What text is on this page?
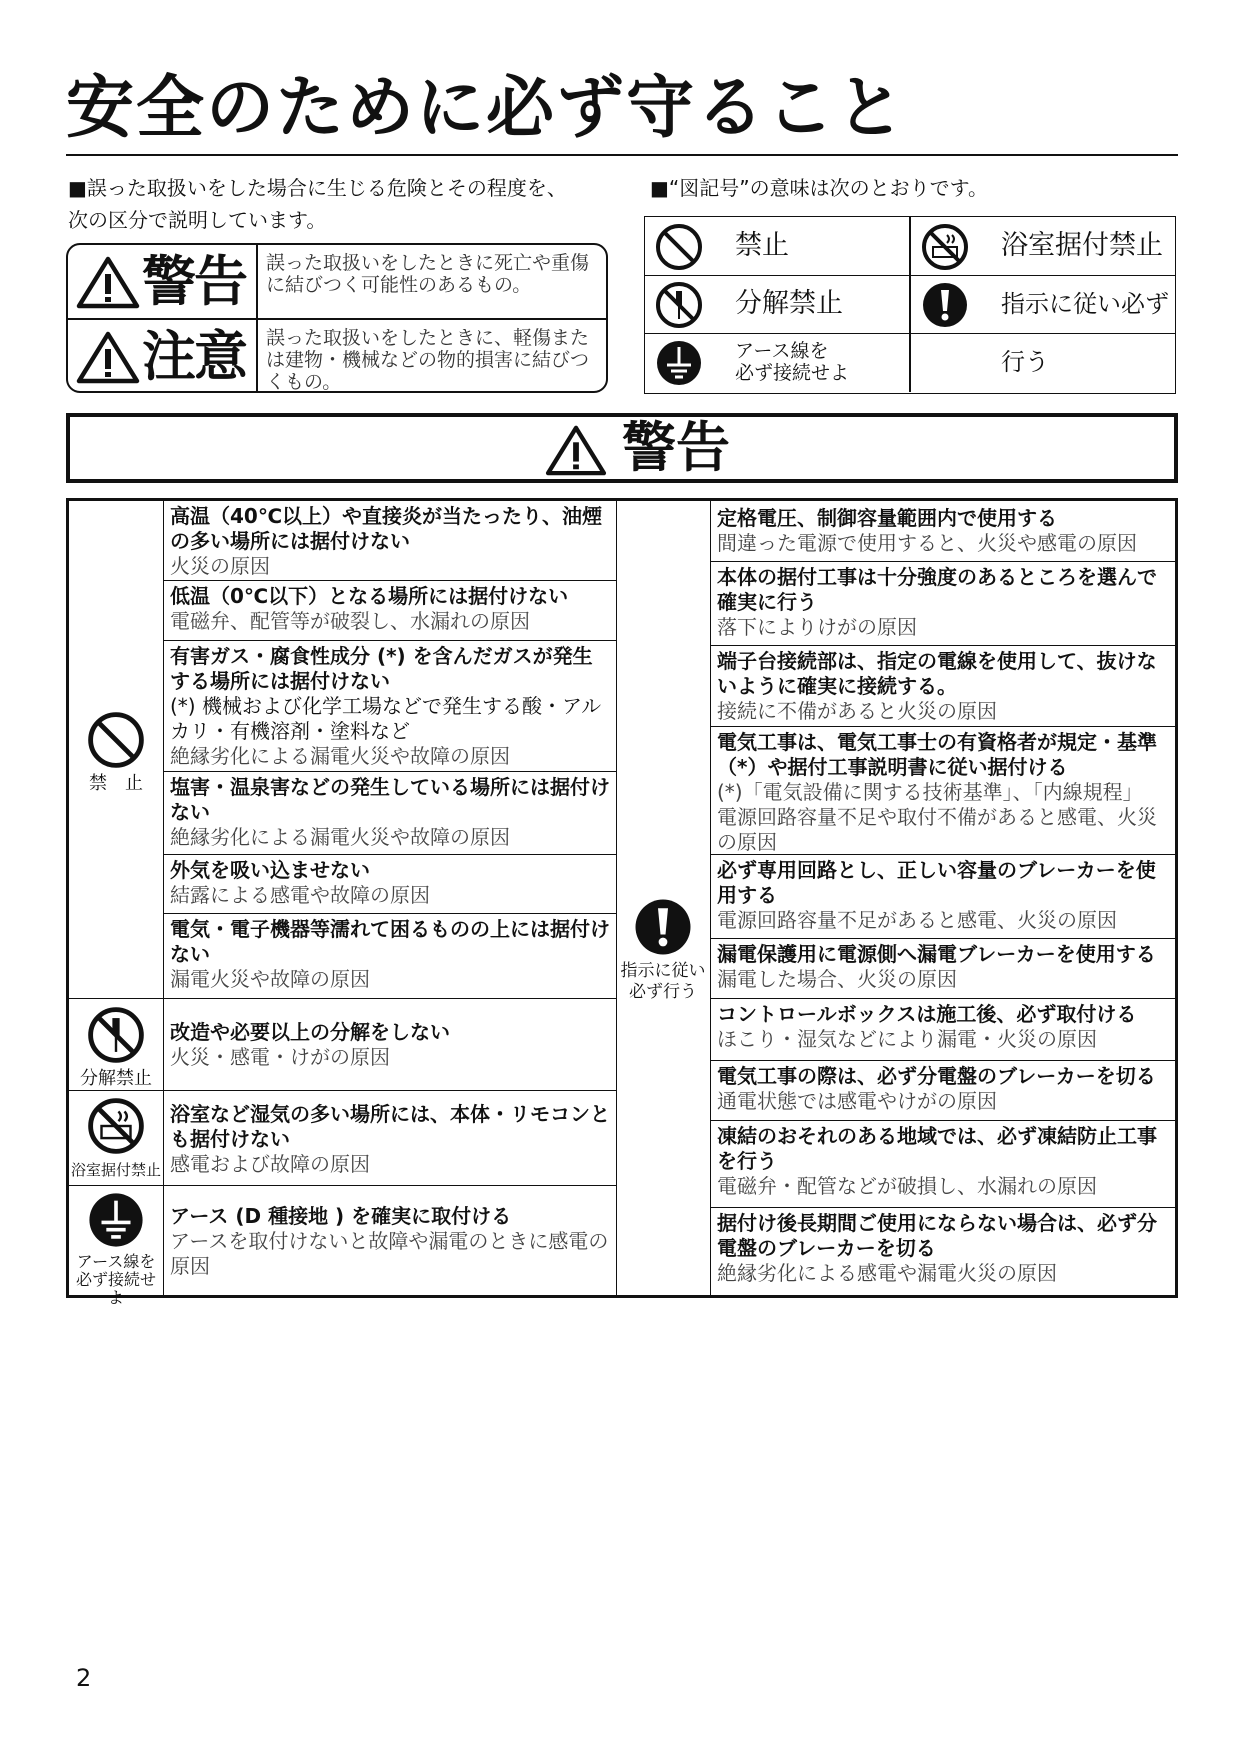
安全のために必ず守ること
■誤った取扱いをした場合に生じる危険とその程度を、
次の区分で説明しています。
■“図記号”の意味は次のとおりです。
警告 誤った取扱いをしたときに死亡や重傷に結びつく可能性のあるもの。
注意 誤った取扱いをしたときに、軽傷または建物・機械などの物的損害に結びつくもの。
禁止	浴室据付禁止
分解禁止	指示に従い必ず行う
アース線を
必ず接続せよ
警告
禁　止
分解禁止
浴室据付禁止
アース線を
必ず接続せよ
指示に従い
必ず行う
高温（40℃以上）や直接炎が当たったり、油煙の多い場所には据付けない
火災の原因
低温（0℃以下）となる場所には据付けない
電磁弁、配管等が破裂し、水漏れの原因
有害ガス・腐食性成分 (*) を含んだガスが発生する場所には据付けない
(*) 機械および化学工場などで発生する酸・アルカリ・有機溶剤・塗料など
絶縁劣化による漏電火災や故障の原因
塩害・温泉害などの発生している場所には据付けない
絶縁劣化による漏電火災や故障の原因
外気を吸い込ませない
結露による感電や故障の原因
電気・電子機器等濡れて困るものの上には据付けない
漏電火災や故障の原因
改造や必要以上の分解をしない
火災・感電・けがの原因
浴室など湿気の多い場所には、本体・リモコンとも据付けない
感電および故障の原因
アース (D 種接地 ) を確実に取付ける
アースを取付けないと故障や漏電のときに感電の原因
定格電圧、制御容量範囲内で使用する
間違った電源で使用すると、火災や感電の原因
本体の据付工事は十分強度のあるところを選んで確実に行う
落下によりけがの原因
端子台接続部は、指定の電線を使用して、抜けないように確実に接続する。
接続に不備があると火災の原因
電気工事は、電気工事士の有資格者が規定・基準（*）や据付工事説明書に従い据付ける
(*)「電気設備に関する技術基準」、「内線規程」
電源回路容量不足や取付不備があると感電、火災の原因
必ず専用回路とし、正しい容量のブレーカーを使用する
電源回路容量不足があると感電、火災の原因
漏電保護用に電源側へ漏電ブレーカーを使用する
漏電した場合、火災の原因
コントロールボックスは施工後、必ず取付ける
ほこり・湿気などにより漏電・火災の原因
電気工事の際は、必ず分電盤のブレーカーを切る
通電状態では感電やけがの原因
凍結のおそれのある地域では、必ず凍結防止工事を行う
電磁弁・配管などが破損し、水漏れの原因
据付け後長期間ご使用にならない場合は、必ず分電盤のブレーカーを切る
絶縁劣化による感電や漏電火災の原因
2
